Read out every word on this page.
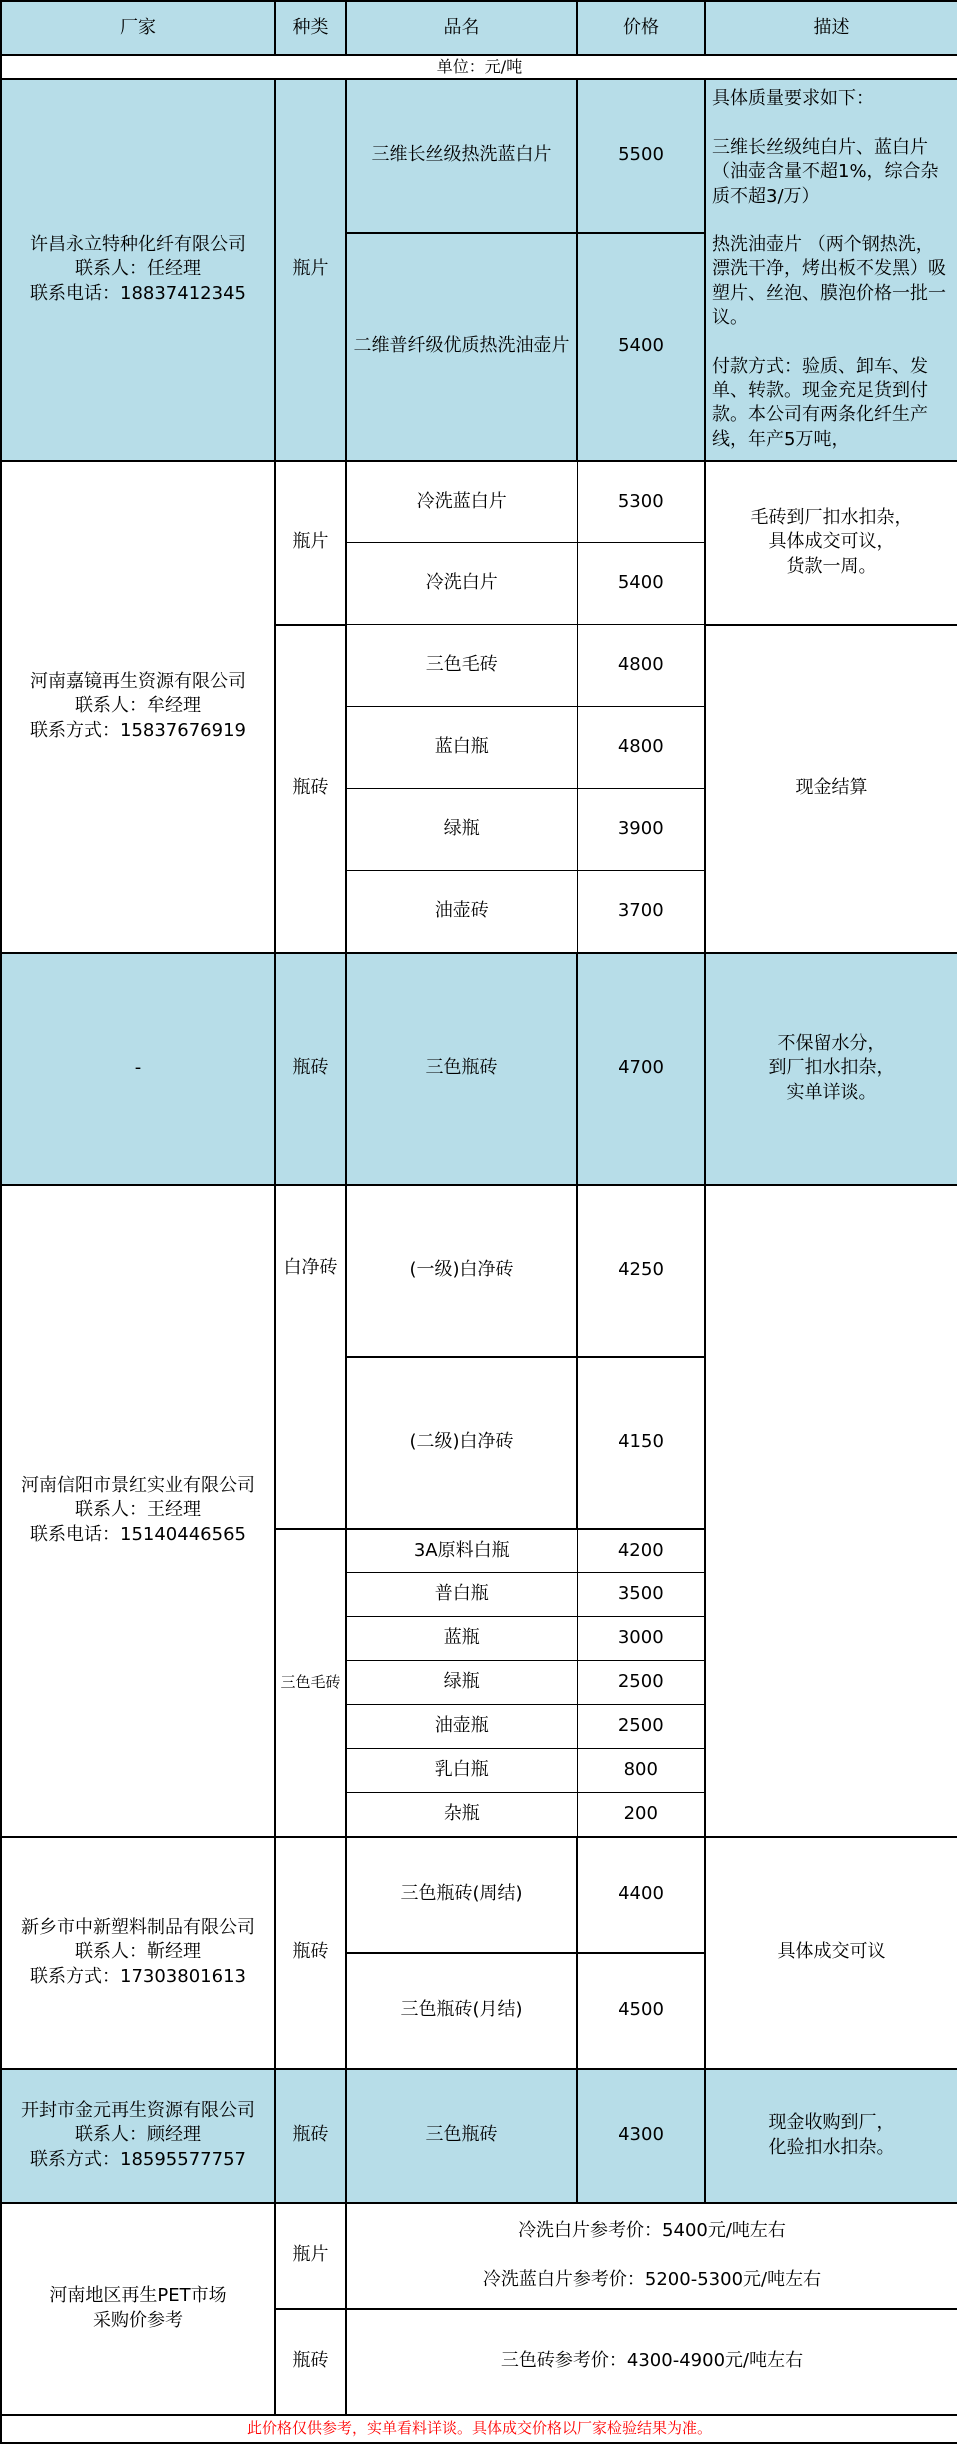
厂家	种类	品名	价格	描述
单位：元/吨				

许昌永立特种化纤有限公司
联系人：任经理
联系电话：18837412345	瓶片	三维长丝级热洗蓝白片	5500	具体质量要求如下：

三维长丝级纯白片、蓝白片（油壶含量不超1%，综合杂质不超3/万）

热洗油壶片 （两个钢热洗，漂洗干净，烤出板不发黑）吸塑片、丝泡、膜泡价格一批一议。

付款方式：验质、卸车、发单、转款。现金充足货到付款。本公司有两条化纤生产线，年产5万吨，

		二维普纤级优质热洗油壶片	5400	

河南嘉镜再生资源有限公司
联系人：牟经理
联系方式：15837676919	瓶片	冷洗蓝白片	5300	毛砖到厂扣水扣杂，
具体成交可议，
货款一周。

		冷洗白片	5400	
	瓶砖	三色毛砖	4800	现金结算
		蓝白瓶	4800	
		绿瓶	3900	
		油壶砖	3700	
-	瓶砖	三色瓶砖	4700	不保留水分，
到厂扣水扣杂，
实单详谈。

河南信阳市景红实业有限公司
联系人：王经理
联系电话：15140446565	白净砖	(一级)白净砖	4250	
		(二级)白净砖	4150	
	三色毛砖	3A原料白瓶	4200	
		普白瓶	3500	
		蓝瓶	3000	
		绿瓶	2500	
		油壶瓶	2500	
		乳白瓶	800	
		杂瓶	200	

新乡市中新塑料制品有限公司
联系人：靳经理
联系方式：17303801613	瓶砖	三色瓶砖(周结)	4400	具体成交可议
		三色瓶砖(月结)	4500	

开封市金元再生资源有限公司
联系人：顾经理
联系方式：18595577757	瓶砖	三色瓶砖	4300	现金收购到厂，
化验扣水扣杂。

河南地区再生PET市场
采购价参考	瓶片	冷洗白片参考价：5400元/吨左右
冷洗蓝白片参考价：5200-5300元/吨左右		

	瓶砖	三色砖参考价：4300-4900元/吨左右		
此价格仅供参考，实单看料详谈。具体成交价格以厂家检验结果为准。				
